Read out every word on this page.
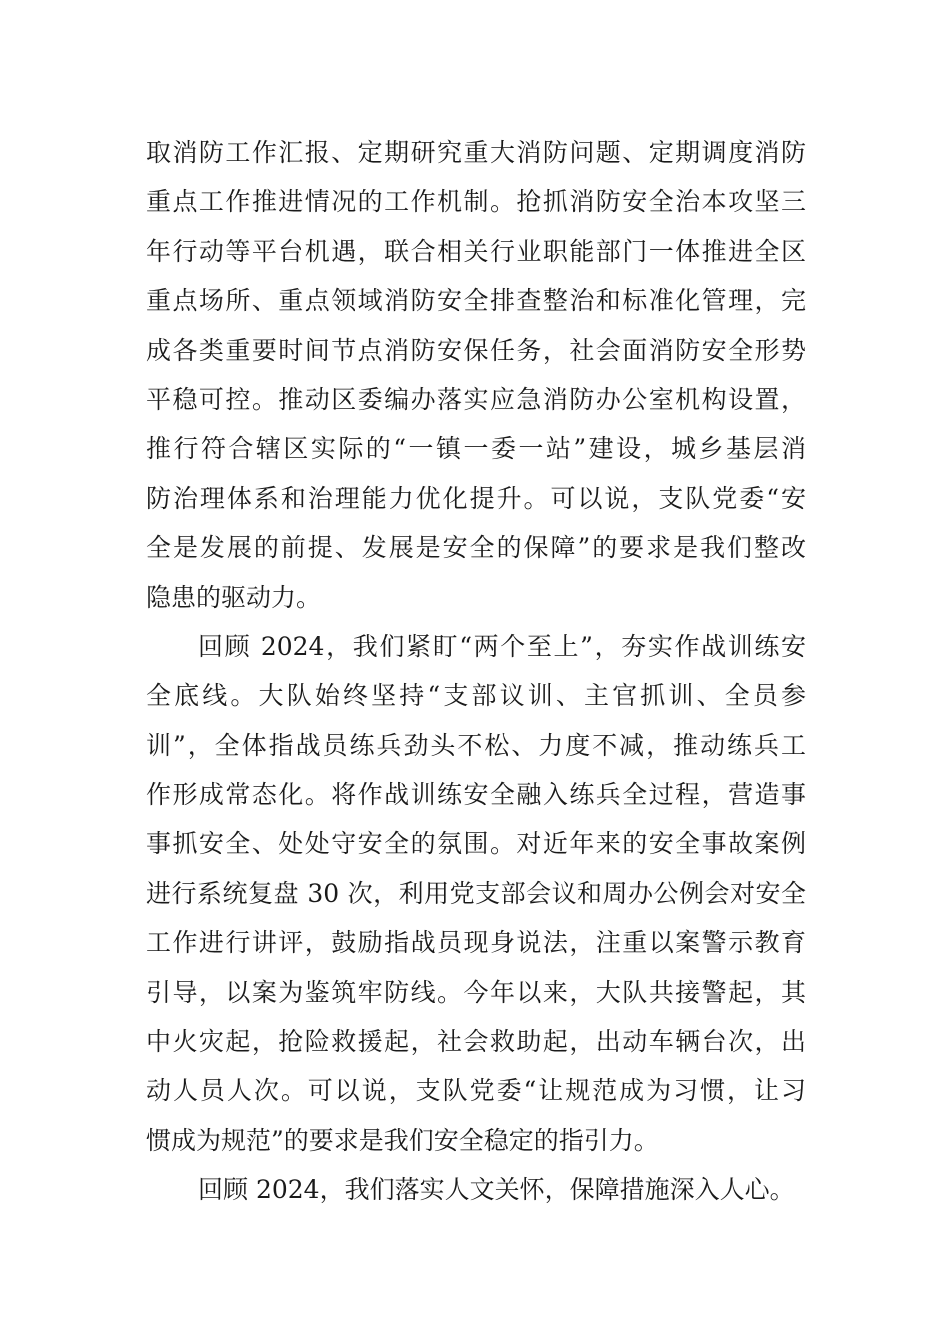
取消防工作汇报、定期研究重大消防问题、定期调度消防
重点工作推进情况的工作机制。抢抓消防安全治本攻坚三
年行动等平台机遇，联合相关行业职能部门一体推进全区
重点场所、重点领域消防安全排查整治和标准化管理，完
成各类重要时间节点消防安保任务，社会面消防安全形势
平稳可控。推动区委编办落实应急消防办公室机构设置，
推行符合辖区实际的“一镇一委一站”建设，城乡基层消
防治理体系和治理能力优化提升。可以说，支队党委“安
全是发展的前提、发展是安全的保障”的要求是我们整改
隐患的驱动力。
回顾 2024，我们紧盯“两个至上”，夯实作战训练安
全底线。大队始终坚持“支部议训、主官抓训、全员参
训”，全体指战员练兵劲头不松、力度不减，推动练兵工
作形成常态化。将作战训练安全融入练兵全过程，营造事
事抓安全、处处守安全的氛围。对近年来的安全事故案例
进行系统复盘 30 次，利用党支部会议和周办公例会对安全
工作进行讲评，鼓励指战员现身说法，注重以案警示教育
引导，以案为鉴筑牢防线。今年以来，大队共接警起，其
中火灾起，抢险救援起，社会救助起，出动车辆台次，出
动人员人次。可以说，支队党委“让规范成为习惯，让习
惯成为规范”的要求是我们安全稳定的指引力。
回顾 2024，我们落实人文关怀，保障措施深入人心。
